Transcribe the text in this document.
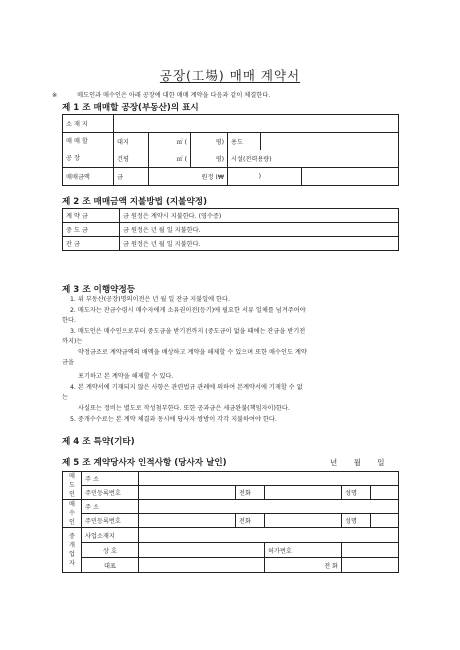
공장(工場) 매매 계약서
※	매도인과 매수인은 아래 공장에 대한 매매 계약을 다음과 같이 체결한다.
제 1 조 매매할 공장(부동산)의 표시
소 재 지						

매 매 할
공 장	대지	㎡ (	평)	용도		
	건평	㎡ (	평)	시설(전력용량)		
매매금액	금	원정 (₩		)		
제 2 조 매매금액 지불방법 (지불약정)
계 약 금	금 원정은 계약시 지불한다. (영수증)
중 도 금	금 원정은 년 월 일 지불한다.
잔 금	금 원정은 년 월 일 지불한다.
제 3 조 이행약정등
1. 위 부동산(공장)명의이전은 년 월 일 잔금 지불일에 한다.
2. 매도자는 잔금수령시 매수자에게 소유권이전(등기)에 필요한 서류 일체를 넘겨주어야
한다.
3. 매도인은 매수인으로부터 중도금을 받기전까지 (중도금이 없을 때에는 잔금을 받기전
까지)는
약정금조로 계약금액의 배액을 배상하고 계약을 해제할 수 있으며 또한 매수인도 계약
금을
포기하고 본 계약을 해제할 수 있다.
4. 본 계약서에 기재되지 않은 사항은 관련법규 관례에 의하여 본계약서에 기재할 수 없
는
사실또는 정비는 별도로 작성첨부한다. 또한 공과금은 세금완불(책임자이)한다.
5. 중개수수료는 본 계약 체결과 동시에 당사자 쌍방이 각각 지불하여야 한다.
제 4 조 특약(기타)
제 5 조 계약당사자 인적사항 (당사자 날인)	년 월 일
매도인	주 소					
	주민등록번호		전화		성명	
매수인	주 소					
	주민등록번호		전화		성명	
중개업자	사업소재지					
	상 호			허가번호		
	대표			전 화		
